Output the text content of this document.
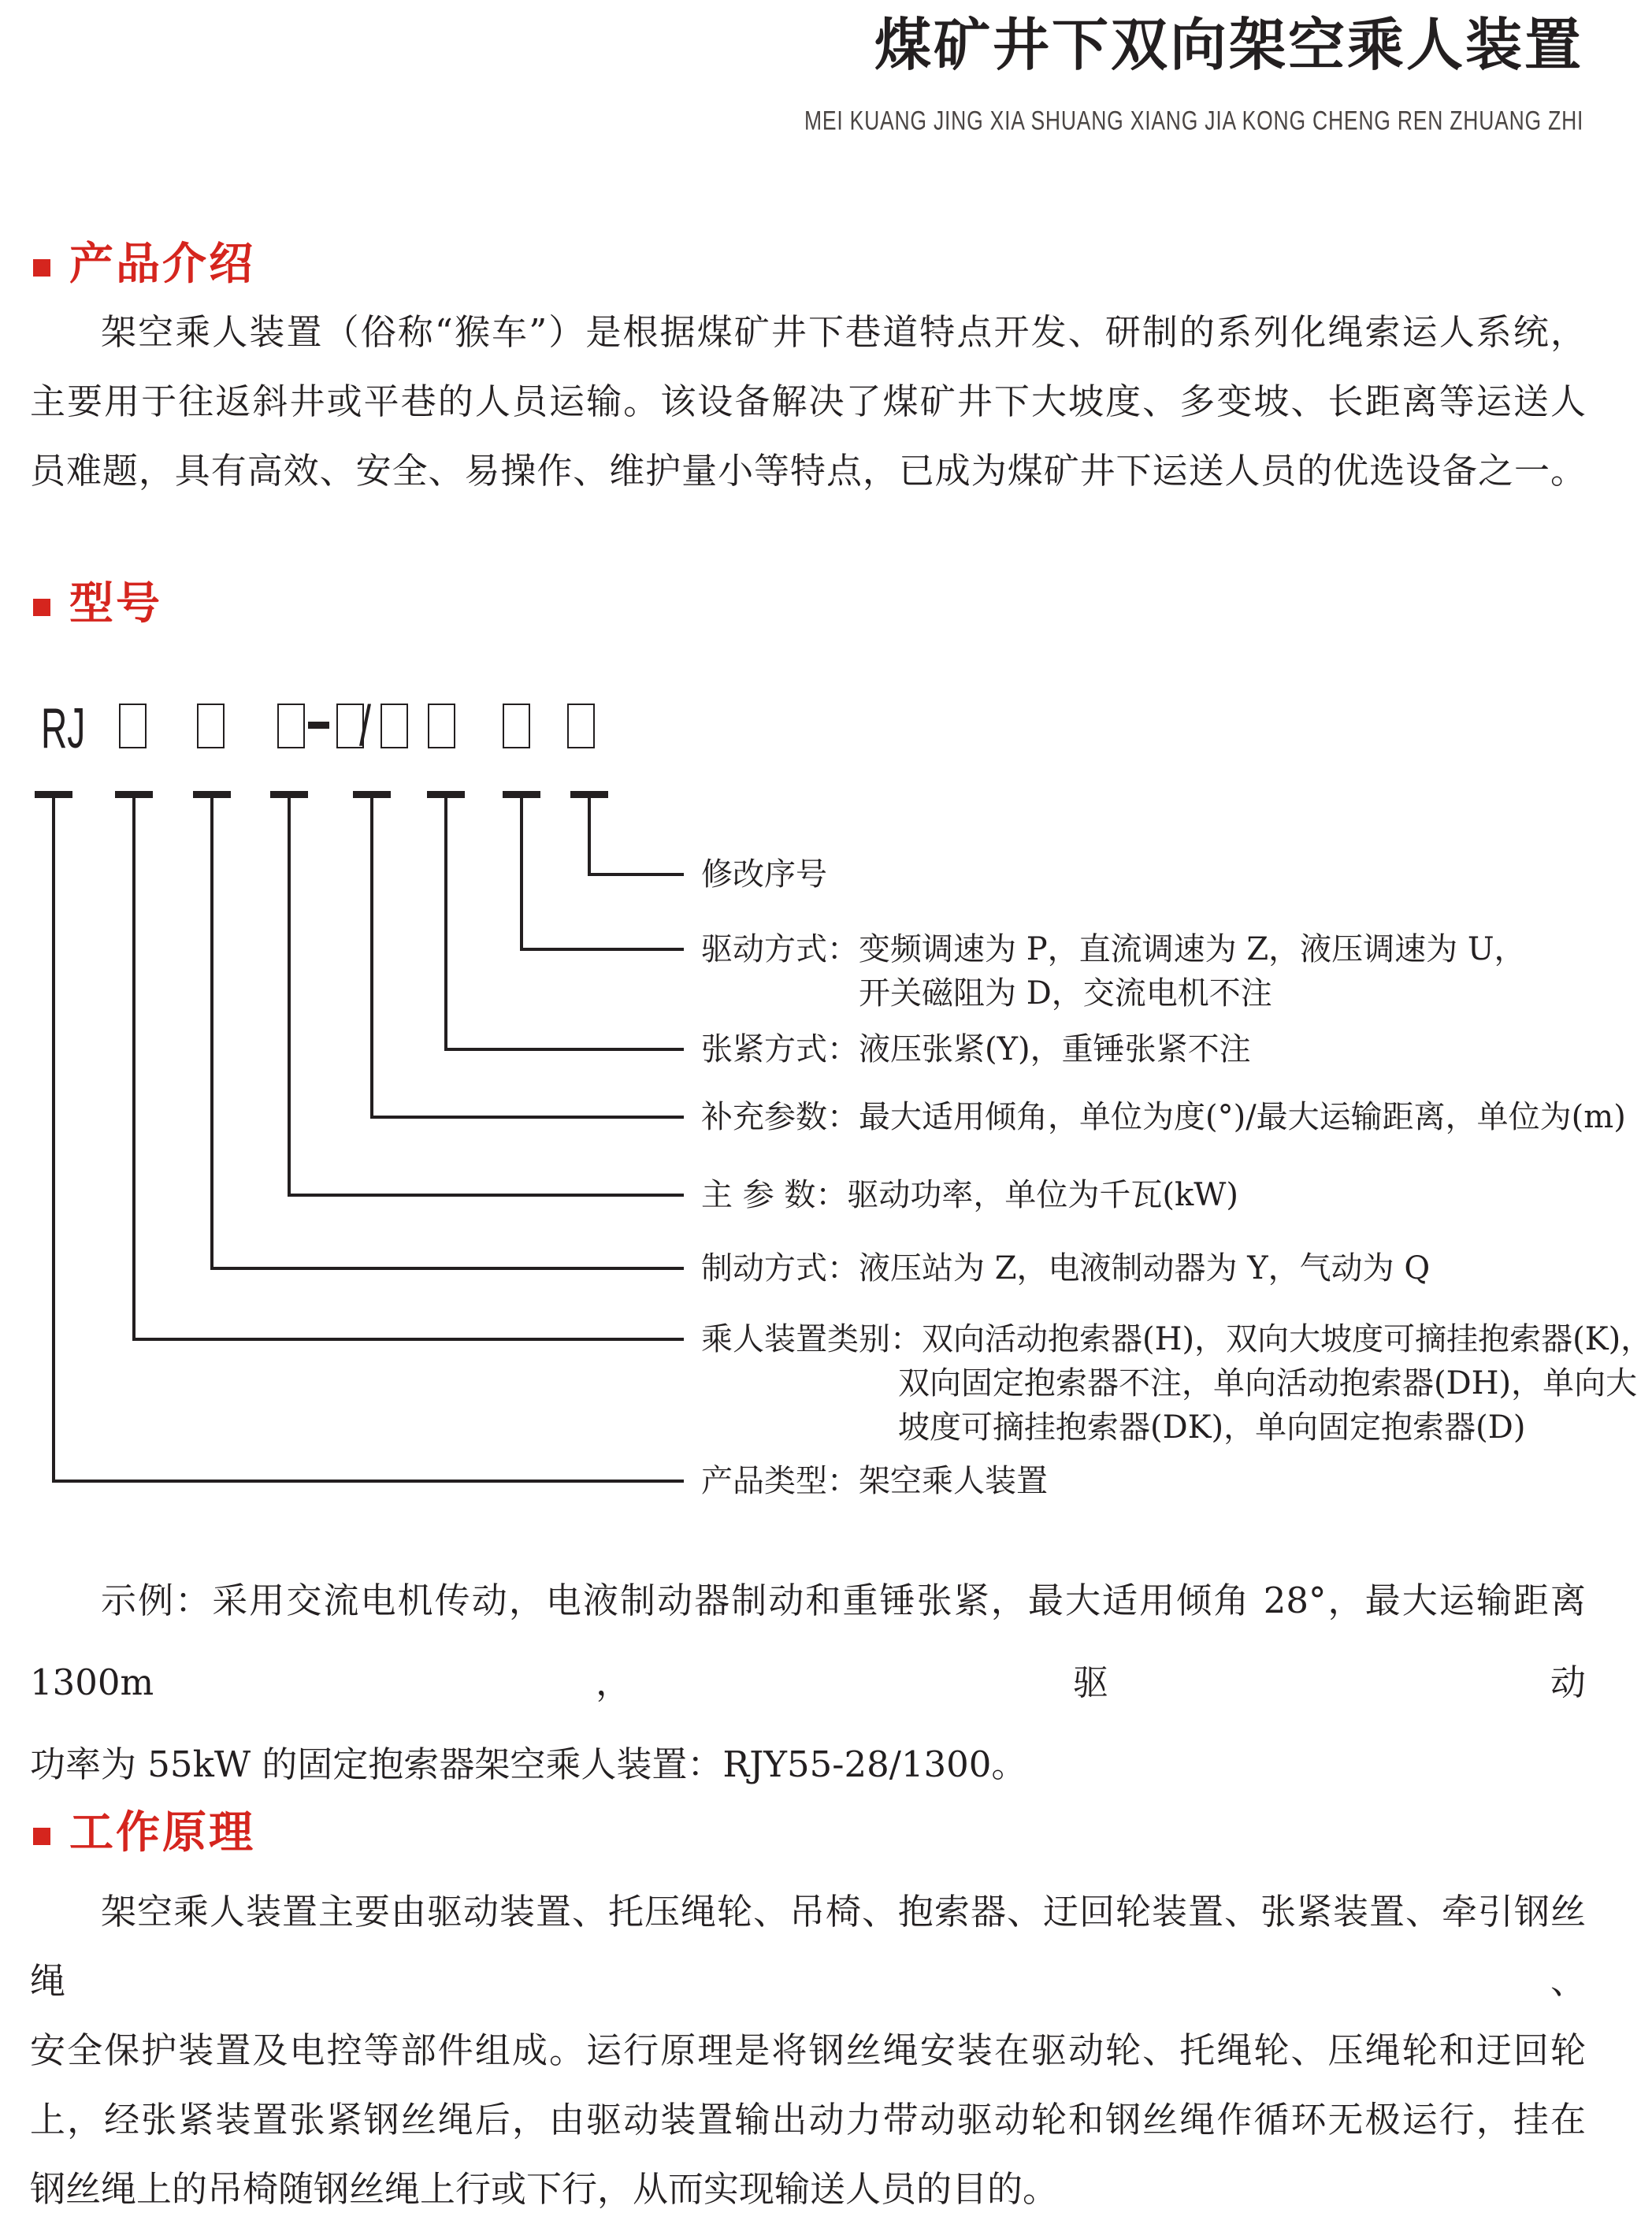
煤矿井下双向架空乘人装置
MEI KUANG JING XIA SHUANG XIANG JIA KONG CHENG REN ZHUANG ZHI
产品介绍
架空乘人装置（俗称“猴车”）是根据煤矿井下巷道特点开发、研制的系列化绳索运人系统，
主要用于往返斜井或平巷的人员运输。该设备解决了煤矿井下大坡度、多变坡、长距离等运送人
员难题，具有高效、安全、易操作、维护量小等特点，已成为煤矿井下运送人员的优选设备之一。
型号
RJ	/
修改序号
驱动方式：变频调速为 P，直流调速为 Z，液压调速为 U，
开关磁阻为 D，交流电机不注
张紧方式：液压张紧(Y)，重锤张紧不注
补充参数：最大适用倾角，单位为度(°)/最大运输距离，单位为(m)
主 参 数：驱动功率，单位为千瓦(kW)
制动方式：液压站为 Z，电液制动器为 Y，气动为 Q
乘人装置类别：双向活动抱索器(H)，双向大坡度可摘挂抱索器(K)，
双向固定抱索器不注，单向活动抱索器(DH)，单向大
坡度可摘挂抱索器(DK)，单向固定抱索器(D)
产品类型：架空乘人装置
示例：采用交流电机传动，电液制动器制动和重锤张紧，最大适用倾角 28°，最大运输距离 1300m，驱动
功率为 55kW 的固定抱索器架空乘人装置：RJY55-28/1300。
工作原理
架空乘人装置主要由驱动装置、托压绳轮、吊椅、抱索器、迂回轮装置、张紧装置、牵引钢丝绳、
安全保护装置及电控等部件组成。运行原理是将钢丝绳安装在驱动轮、托绳轮、压绳轮和迂回轮
上，经张紧装置张紧钢丝绳后，由驱动装置输出动力带动驱动轮和钢丝绳作循环无极运行，挂在
钢丝绳上的吊椅随钢丝绳上行或下行，从而实现输送人员的目的。
